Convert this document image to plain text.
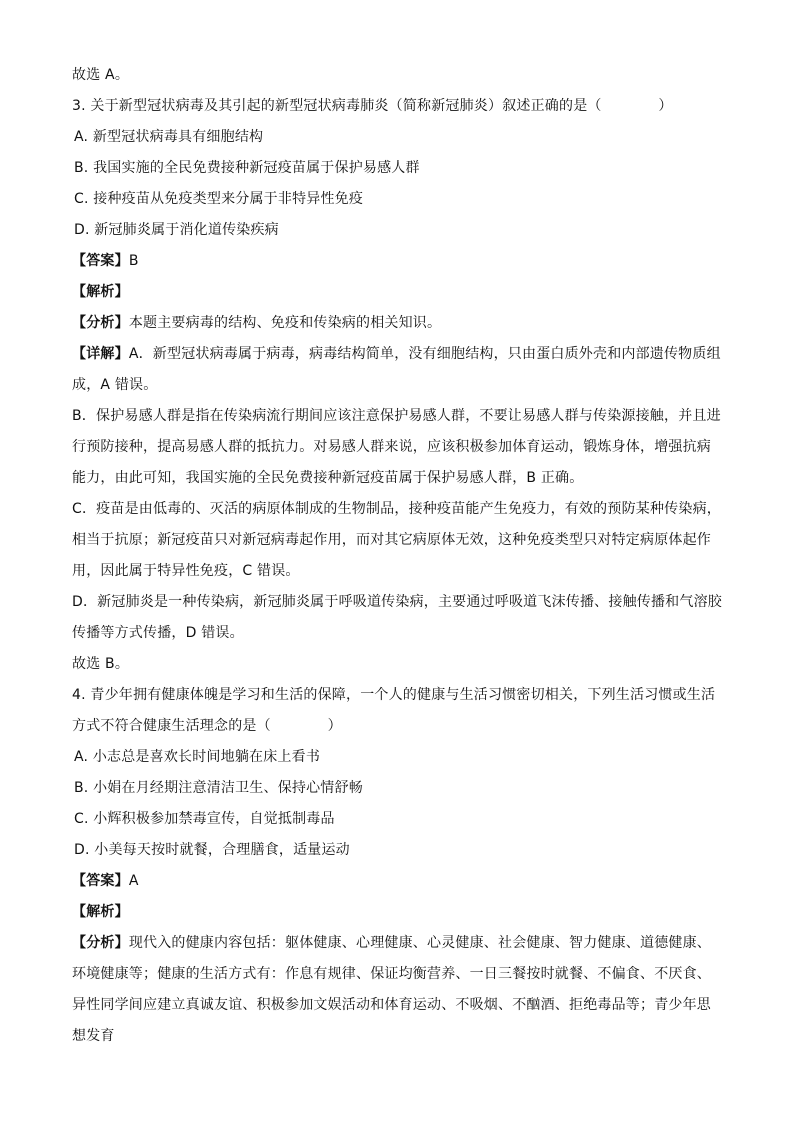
故选 A。
3. 关于新型冠状病毒及其引起的新型冠状病毒肺炎（简称新冠肺炎）叙述正确的是（　　　　）
A. 新型冠状病毒具有细胞结构
B. 我国实施的全民免费接种新冠疫苗属于保护易感人群
C. 接种疫苗从免疫类型来分属于非特异性免疫
D. 新冠肺炎属于消化道传染疾病
【答案】B
【解析】
【分析】本题主要病毒的结构、免疫和传染病的相关知识。
【详解】A．新型冠状病毒属于病毒，病毒结构简单，没有细胞结构，只由蛋白质外壳和内部遗传物质组成，A 错误。
B．保护易感人群是指在传染病流行期间应该注意保护易感人群，不要让易感人群与传染源接触，并且进行预防接种，提高易感人群的抵抗力。对易感人群来说，应该积极参加体育运动，锻炼身体，增强抗病能力，由此可知，我国实施的全民免费接种新冠疫苗属于保护易感人群，B 正确。
C．疫苗是由低毒的、灭活的病原体制成的生物制品，接种疫苗能产生免疫力，有效的预防某种传染病，相当于抗原；新冠疫苗只对新冠病毒起作用，而对其它病原体无效，这种免疫类型只对特定病原体起作用，因此属于特异性免疫，C 错误。
D．新冠肺炎是一种传染病，新冠肺炎属于呼吸道传染病，主要通过呼吸道飞沫传播、接触传播和气溶胶传播等方式传播，D 错误。
故选 B。
4. 青少年拥有健康体魄是学习和生活的保障，一个人的健康与生活习惯密切相关，下列生活习惯或生活方式不符合健康生活理念的是（　　　　）
A. 小志总是喜欢长时间地躺在床上看书
B. 小娟在月经期注意清洁卫生、保持心情舒畅
C. 小辉积极参加禁毒宣传，自觉抵制毒品
D. 小美每天按时就餐，合理膳食，适量运动
【答案】A
【解析】
【分析】现代入的健康内容包括：躯体健康、心理健康、心灵健康、社会健康、智力健康、道德健康、环境健康等；健康的生活方式有：作息有规律、保证均衡营养、一日三餐按时就餐、不偏食、不厌食、异性同学间应建立真诚友谊、积极参加文娱活动和体育运动、不吸烟、不酗酒、拒绝毒品等；青少年思想发育
